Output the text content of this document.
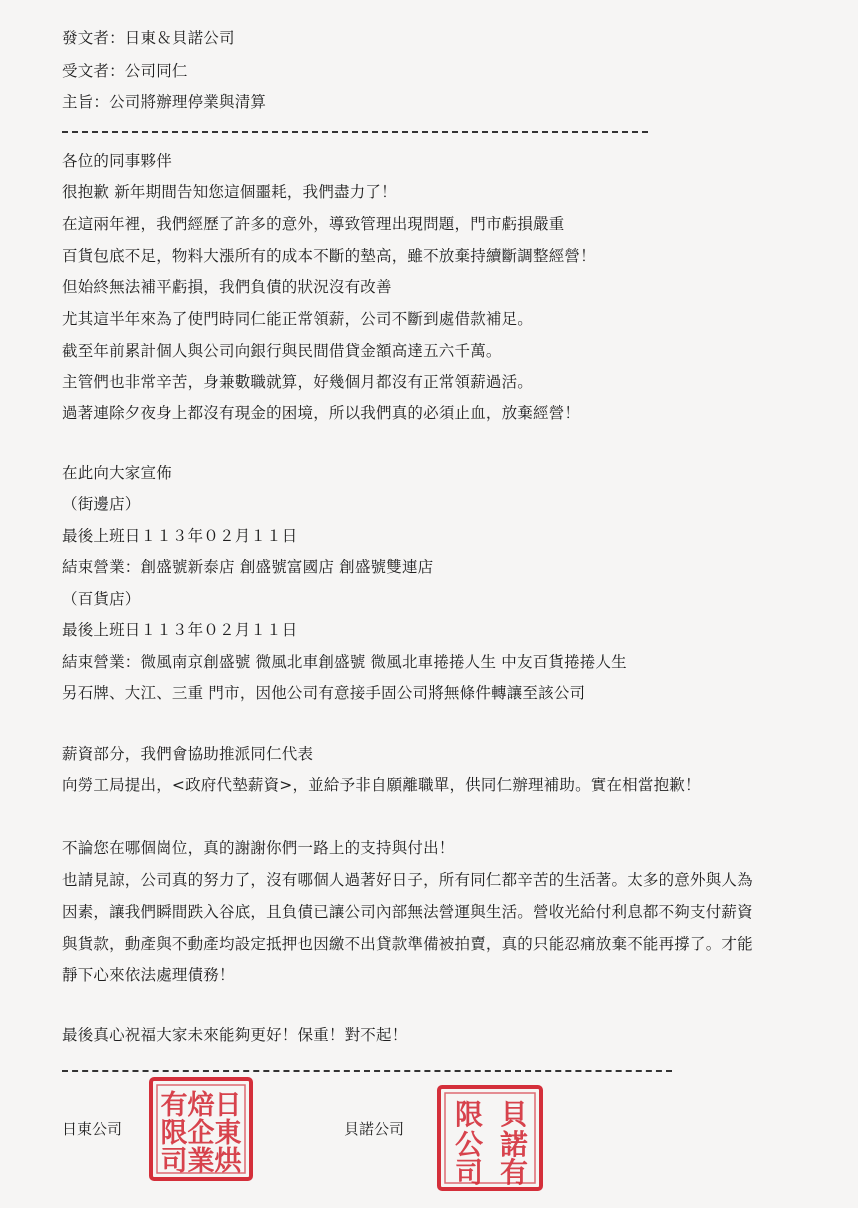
發文者：日東＆貝諾公司

受文者：公司同仁

主旨：公司將辦理停業與清算

各位的同事夥伴

很抱歉 新年期間告知您這個噩耗，我們盡力了！

在這兩年裡，我們經歷了許多的意外，導致管理出現問題，門市虧損嚴重

百貨包底不足，物料大漲所有的成本不斷的墊高，雖不放棄持續斷調整經營！

但始終無法補平虧損，我們負債的狀況沒有改善

尤其這半年來為了使門時同仁能正常領薪，公司不斷到處借款補足。

截至年前累計個人與公司向銀行與民間借貸金額高達五六千萬。

主管們也非常辛苦，身兼數職就算，好幾個月都沒有正常領薪過活。

過著連除夕夜身上都沒有現金的困境，所以我們真的必須止血，放棄經營！

在此向大家宣佈

（街邊店）

最後上班日１１３年０２月１１日

結束營業：創盛號新泰店 創盛號富國店 創盛號雙連店

（百貨店）

最後上班日１１３年０２月１１日

結束營業：微風南京創盛號 微風北車創盛號 微風北車捲捲人生 中友百貨捲捲人生

另石牌、大江、三重 門市，因他公司有意接手固公司將無條件轉讓至該公司

薪資部分，我們會協助推派同仁代表

向勞工局提出，<政府代墊薪資>，並給予非自願離職單，供同仁辦理補助。實在相當抱歉！

不論您在哪個崗位，真的謝謝你們一路上的支持與付出！

也請見諒，公司真的努力了，沒有哪個人過著好日子，所有同仁都辛苦的生活著。太多的意外與人為

因素，讓我們瞬間跌入谷底，且負債已讓公司內部無法營運與生活。營收光給付利息都不夠支付薪資

與貨款，動產與不動產均設定抵押也因繳不出貸款準備被拍賣，真的只能忍痛放棄不能再撐了。才能

靜下心來依法處理債務！

最後真心祝福大家未來能夠更好！保重！對不起！

日東公司	貝諾公司

日
東
烘
焙
企
業
有
限
司
貝
諾
有
限
公
司
